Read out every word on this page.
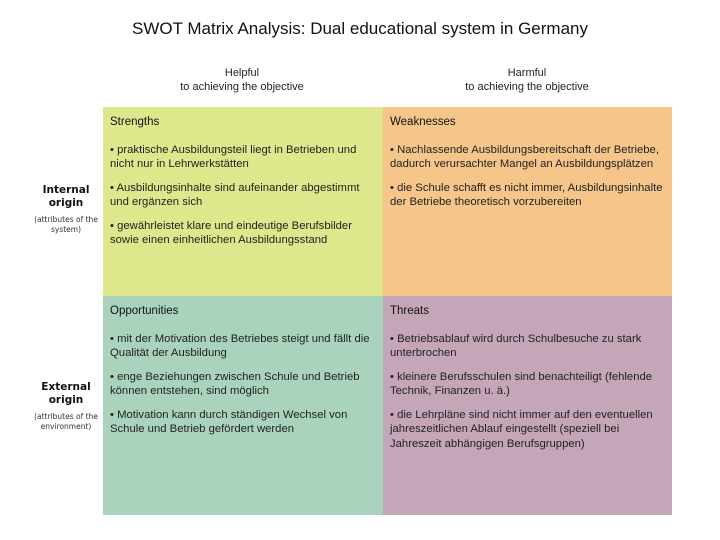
SWOT Matrix Analysis: Dual educational system in Germany
Helpful
to achieving the objective
Harmful
to achieving the objective
Internal
origin
(attributes of the system)
External
origin
(attributes of the environment)
Strengths
• praktische Ausbildungsteil liegt in Betrieben und nicht nur in Lehrwerkstätten
• Ausbildungsinhalte sind aufeinander abgestimmt und ergänzen sich
• gewährleistet klare und eindeutige Berufsbilder sowie einen einheitlichen Ausbildungsstand
Weaknesses
• Nachlassende Ausbildungsbereitschaft der Betriebe, dadurch verursachter Mangel an Ausbildungsplätzen
• die Schule schafft es nicht immer, Ausbildungsinhalte der Betriebe theoretisch vorzubereiten
Opportunities
• mit der Motivation des Betriebes steigt und fällt die Qualität der Ausbildung
• enge Beziehungen zwischen Schule und Betrieb können entstehen, sind möglich
• Motivation kann durch ständigen Wechsel von Schule und Betrieb gefördert werden
Threats
• Betriebsablauf wird durch Schulbesuche zu stark unterbrochen
• kleinere Berufsschulen sind benachteiligt (fehlende Technik, Finanzen u. ä.)
• die Lehrpläne sind nicht immer auf den eventuellen jahreszeitlichen Ablauf eingestellt (speziell bei Jahreszeit abhängigen Berufsgruppen)
